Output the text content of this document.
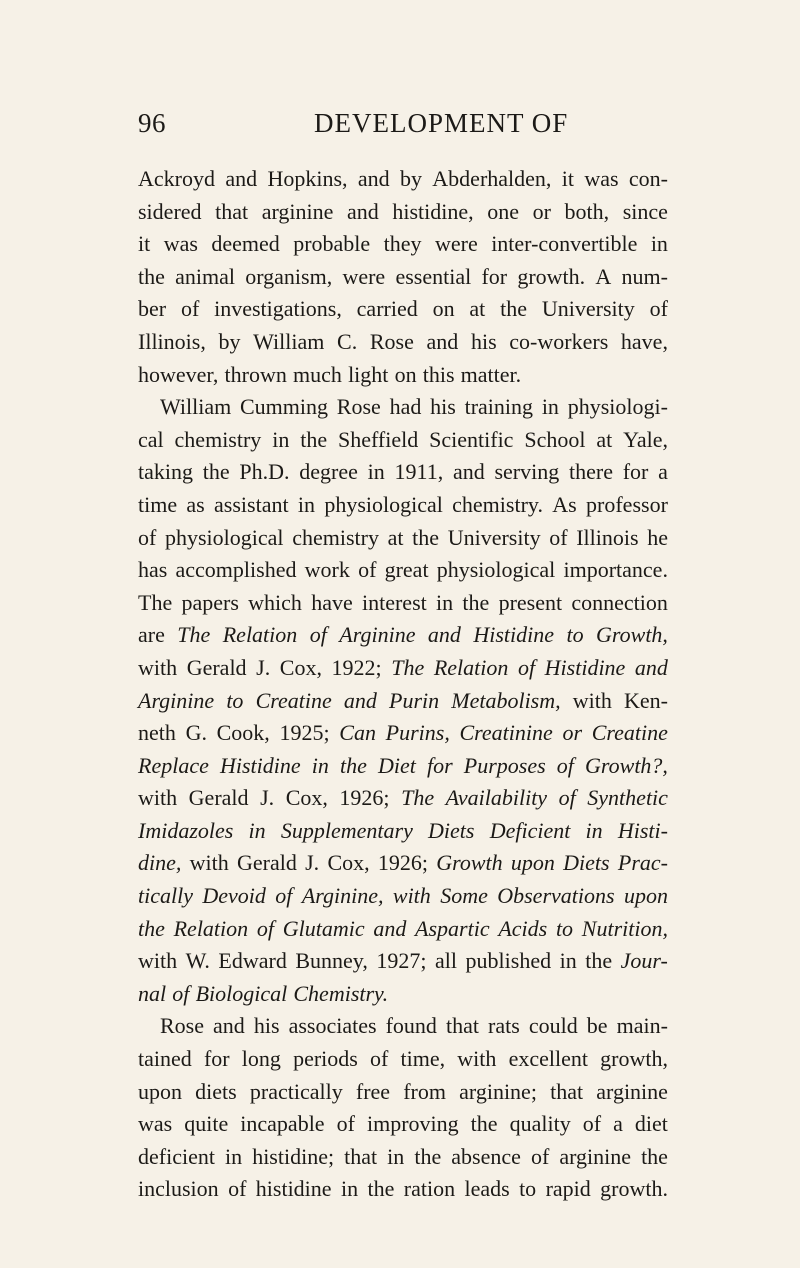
96	DEVELOPMENT OF
Ackroyd and Hopkins, and by Abderhalden, it was con-
sidered that arginine and histidine, one or both, since
it was deemed probable they were inter-convertible in
the animal organism, were essential for growth. A num-
ber of investigations, carried on at the University of
Illinois, by William C. Rose and his co-workers have,
however, thrown much light on this matter.
William Cumming Rose had his training in physiologi-
cal chemistry in the Sheffield Scientific School at Yale,
taking the Ph.D. degree in 1911, and serving there for a
time as assistant in physiological chemistry. As professor
of physiological chemistry at the University of Illinois he
has accomplished work of great physiological importance.
The papers which have interest in the present connection
are The Relation of Arginine and Histidine to Growth,
with Gerald J. Cox, 1922; The Relation of Histidine and
Arginine to Creatine and Purin Metabolism, with Ken-
neth G. Cook, 1925; Can Purins, Creatinine or Creatine
Replace Histidine in the Diet for Purposes of Growth?,
with Gerald J. Cox, 1926; The Availability of Synthetic
Imidazoles in Supplementary Diets Deficient in Histi-
dine, with Gerald J. Cox, 1926; Growth upon Diets Prac-
tically Devoid of Arginine, with Some Observations upon
the Relation of Glutamic and Aspartic Acids to Nutrition,
with W. Edward Bunney, 1927; all published in the Jour-
nal of Biological Chemistry.
Rose and his associates found that rats could be main-
tained for long periods of time, with excellent growth,
upon diets practically free from arginine; that arginine
was quite incapable of improving the quality of a diet
deficient in histidine; that in the absence of arginine the
inclusion of histidine in the ration leads to rapid growth.
